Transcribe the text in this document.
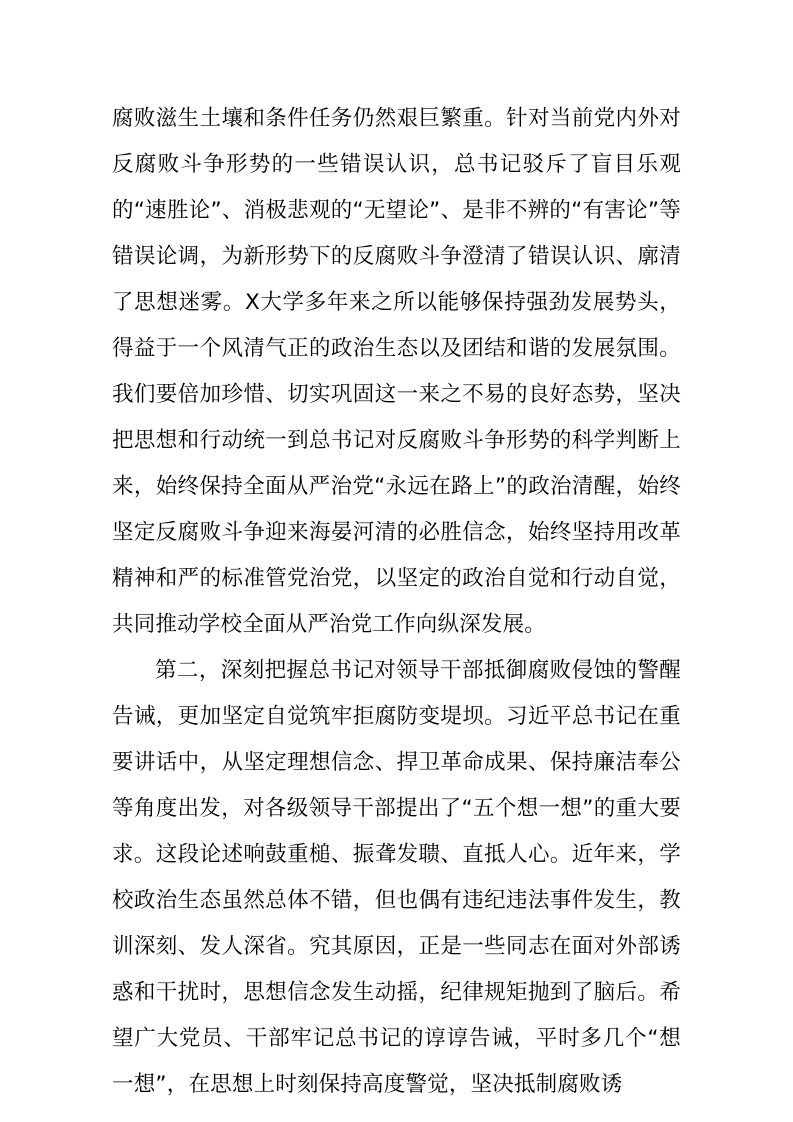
腐败滋生土壤和条件任务仍然艰巨繁重。针对当前党内外对反腐败斗争形势的一些错误认识，总书记驳斥了盲目乐观的“速胜论”、消极悲观的“无望论”、是非不辨的“有害论”等错误论调，为新形势下的反腐败斗争澄清了错误认识、廓清了思想迷雾。X大学多年来之所以能够保持强劲发展势头，得益于一个风清气正的政治生态以及团结和谐的发展氛围。我们要倍加珍惜、切实巩固这一来之不易的良好态势，坚决把思想和行动统一到总书记对反腐败斗争形势的科学判断上来，始终保持全面从严治党“永远在路上”的政治清醒，始终坚定反腐败斗争迎来海晏河清的必胜信念，始终坚持用改革精神和严的标准管党治党，以坚定的政治自觉和行动自觉，共同推动学校全面从严治党工作向纵深发展。

第二，深刻把握总书记对领导干部抵御腐败侵蚀的警醒告诫，更加坚定自觉筑牢拒腐防变堤坝。习近平总书记在重要讲话中，从坚定理想信念、捍卫革命成果、保持廉洁奉公等角度出发，对各级领导干部提出了“五个想一想”的重大要求。这段论述响鼓重槌、振聋发聩、直抵人心。近年来，学校政治生态虽然总体不错，但也偶有违纪违法事件发生，教训深刻、发人深省。究其原因，正是一些同志在面对外部诱惑和干扰时，思想信念发生动摇，纪律规矩抛到了脑后。希望广大党员、干部牢记总书记的谆谆告诫，平时多几个“想一想”，在思想上时刻保持高度警觉，坚决抵制腐败诱
